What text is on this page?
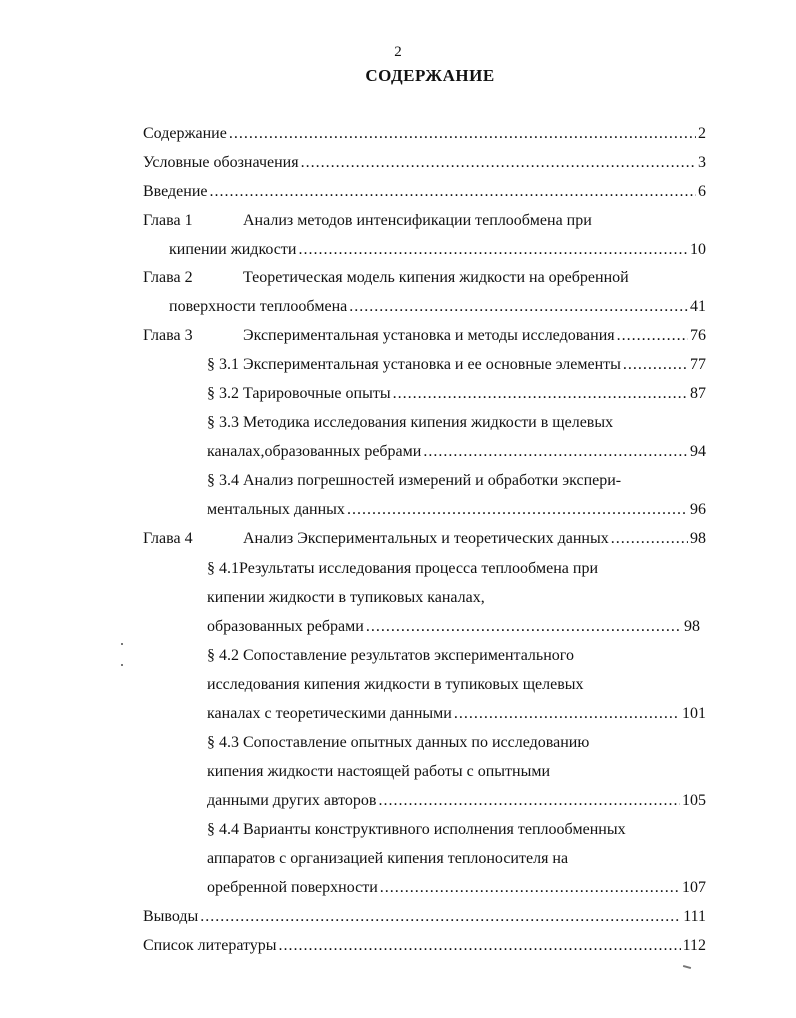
2
СОДЕРЖАНИЕ
Содержание .....	2
Условные обозначения .....	3
Введение .....	6
Глава 1	Анализ методов интенсификации теплообмена при
кипении жидкости .....	10
Глава 2	Теоретическая модель кипения жидкости на оребренной
поверхности теплообмена .....	41
Глава 3	Экспериментальная установка и методы исследования .....	76
§ 3.1 Экспериментальная установка и ее основные элементы .....	77
§ 3.2 Тарировочные опыты .....	87
§ 3.3 Методика исследования кипения жидкости в щелевых
каналах,образованных ребрами .....	94
§ 3.4 Анализ погрешностей измерений и обработки экспери-
ментальных данных .....	96
Глава 4	Анализ Экспериментальных и теоретических данных .....	98
§ 4.1Результаты исследования процесса теплообмена при
кипении жидкости в тупиковых каналах,
образованных ребрами .....	98
§ 4.2 Сопоставление результатов экспериментального
исследования кипения жидкости в тупиковых щелевых
каналах с теоретическими данными .....	101
§ 4.3 Сопоставление опытных данных по исследованию
кипения жидкости настоящей работы с опытными
данными других авторов .....	105
§ 4.4 Варианты конструктивного исполнения теплообменных
аппаратов с организацией кипения теплоносителя на
оребренной поверхности .....	107
Выводы .....	111
Список литературы .....	112
